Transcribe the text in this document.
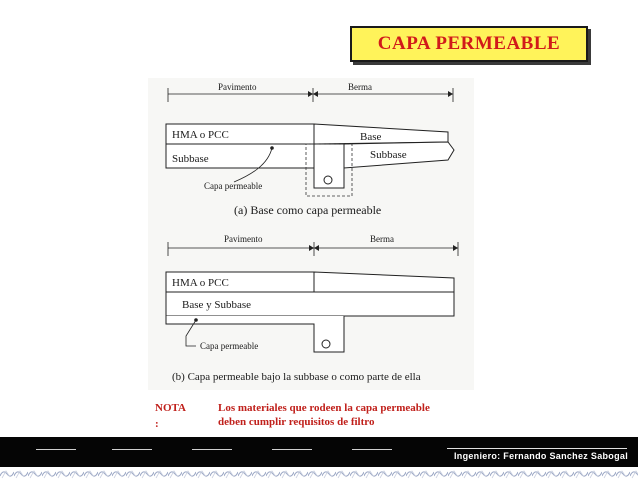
CAPA PERMEABLE
Pavimento	Berma
HMA o PCC	Base
Subbase	Subbase
Capa permeable
(a) Base como capa permeable
Pavimento	Berma
HMA o PCC
Base y Subbase
Capa permeable
(b) Capa permeable bajo la subbase o como parte de ella
NOTA :
Los materiales que rodeen la capa permeable
deben cumplir requisitos de filtro
Ingeniero: Fernando Sanchez Sabogal
